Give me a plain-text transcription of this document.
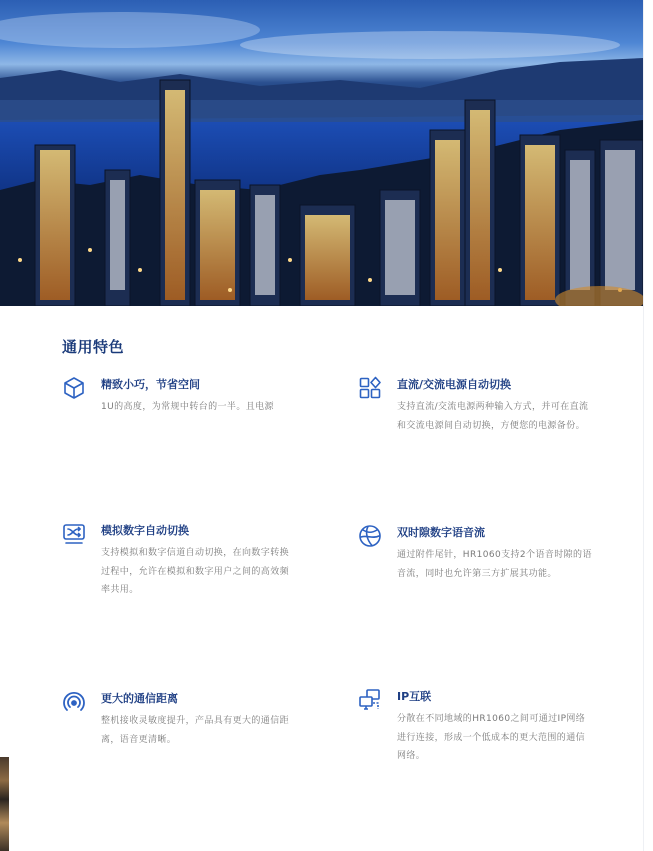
通用特色
精致小巧，节省空间
1U的高度，为常规中转台的一半。且电源
直流/交流电源自动切换
支持直流/交流电源两种输入方式，并可在直流和交流电源间自动切换，方便您的电源备份。
模拟数字自动切换
支持模拟和数字信道自动切换，在向数字转换过程中，允许在模拟和数字用户之间的高效频率共用。
双时隙数字语音流
通过附件尾针，HR1060支持2个语音时隙的语音流，同时也允许第三方扩展其功能。
更大的通信距离
整机接收灵敏度提升，产品具有更大的通信距离，语音更清晰。
IP互联
分散在不同地域的HR1060之间可通过IP网络进行连接，形成一个低成本的更大范围的通信网络。
